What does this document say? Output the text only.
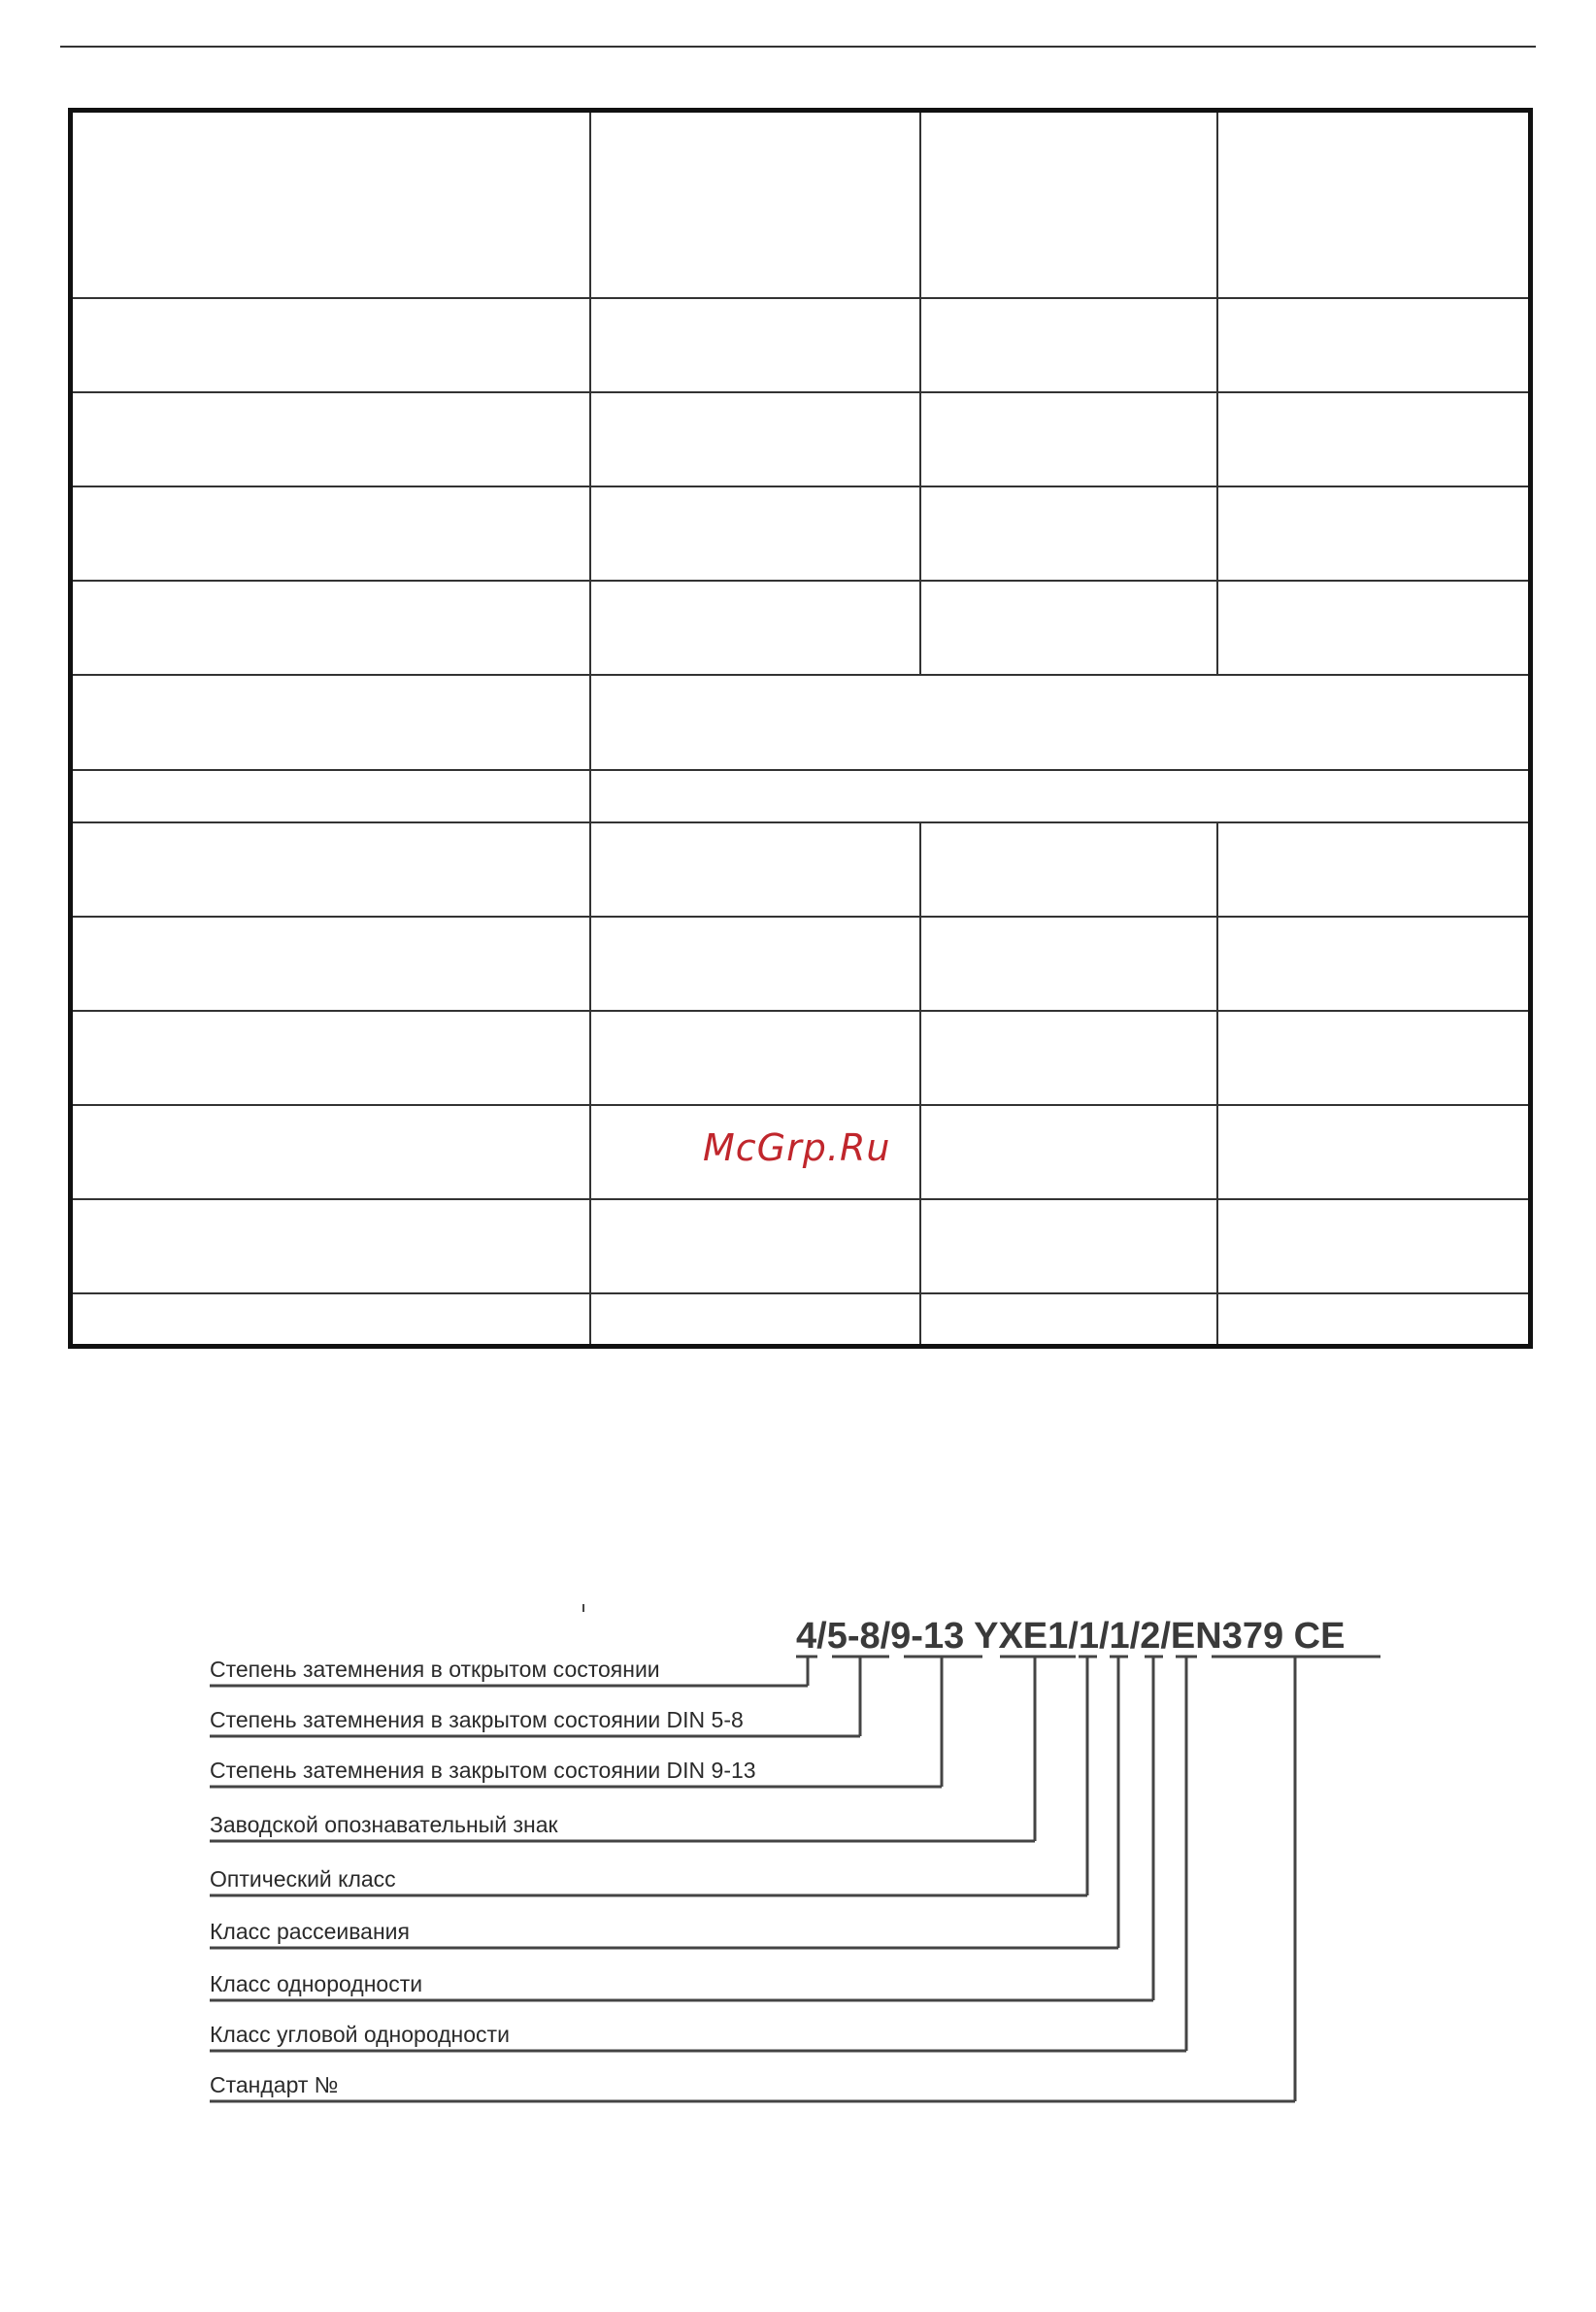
McGrp.Ru
4/5-8/9-13 YXE1/1/1/2/EN379 CE
Степень затемнения в открытом состоянии
Степень затемнения в закрытом состоянии DIN 5-8
Степень затемнения в закрытом состоянии DIN 9-13
Заводской опознавательный знак
Оптический класс
Класс рассеивания
Класс однородности
Класс угловой однородности
Стандарт №
